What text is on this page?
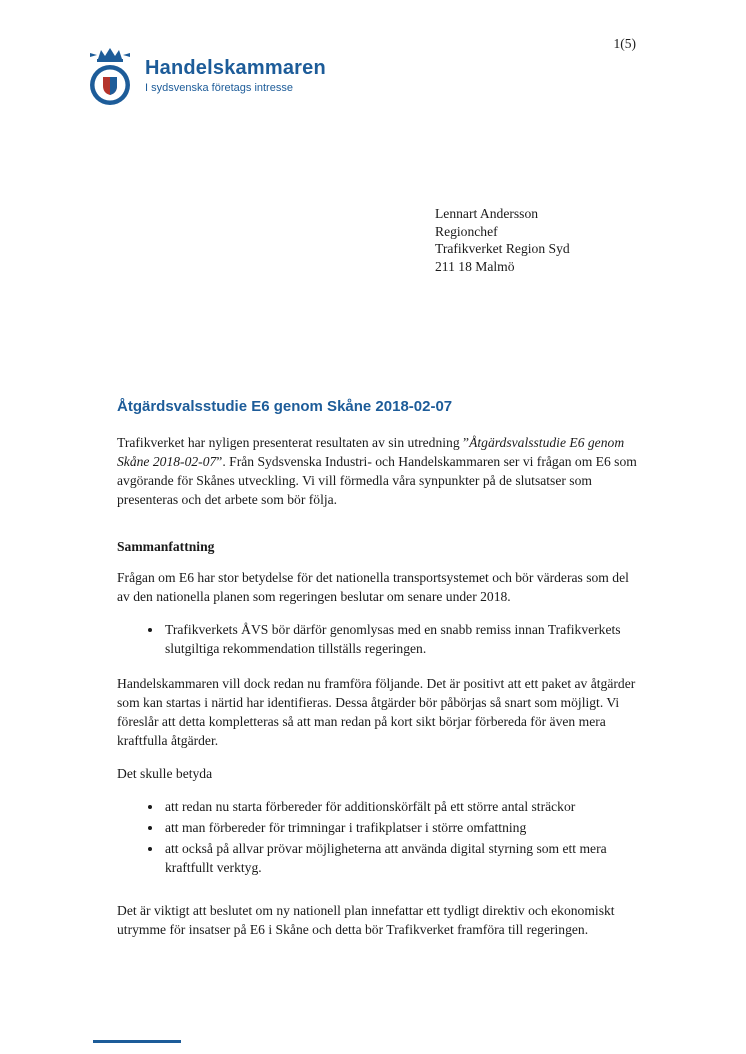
1(5)
Handelskammaren
I sydsvenska företags intresse
Lennart Andersson
Regionchef
Trafikverket Region Syd
211 18 Malmö
Åtgärdsvalsstudie E6 genom Skåne 2018-02-07

Trafikverket har nyligen presenterat resultaten av sin utredning ”Åtgärdsvalsstudie E6 genom Skåne 2018-02-07”. Från Sydsvenska Industri- och Handelskammaren ser vi frågan om E6 som avgörande för Skånes utveckling. Vi vill förmedla våra synpunkter på de slutsatser som presenteras och det arbete som bör följa.

Sammanfattning

Frågan om E6 har stor betydelse för det nationella transportsystemet och bör värderas som del av den nationella planen som regeringen beslutar om senare under 2018.

• Trafikverkets ÅVS bör därför genomlysas med en snabb remiss innan Trafikverkets slutgiltiga rekommendation tillställs regeringen.

Handelskammaren vill dock redan nu framföra följande. Det är positivt att ett paket av åtgärder som kan startas i närtid har identifieras. Dessa åtgärder bör påbörjas så snart som möjligt. Vi föreslår att detta kompletteras så att man redan på kort sikt börjar förbereda för även mera kraftfulla åtgärder.

Det skulle betyda

• att redan nu starta förbereder för additionskörfält på ett större antal sträckor
• att man förbereder för trimningar i trafikplatser i större omfattning
• att också på allvar prövar möjligheterna att använda digital styrning som ett mera kraftfullt verktyg.

Det är viktigt att beslutet om ny nationell plan innefattar ett tydligt direktiv och ekonomiskt utrymme för insatser på E6 i Skåne och detta bör Trafikverket framföra till regeringen.
